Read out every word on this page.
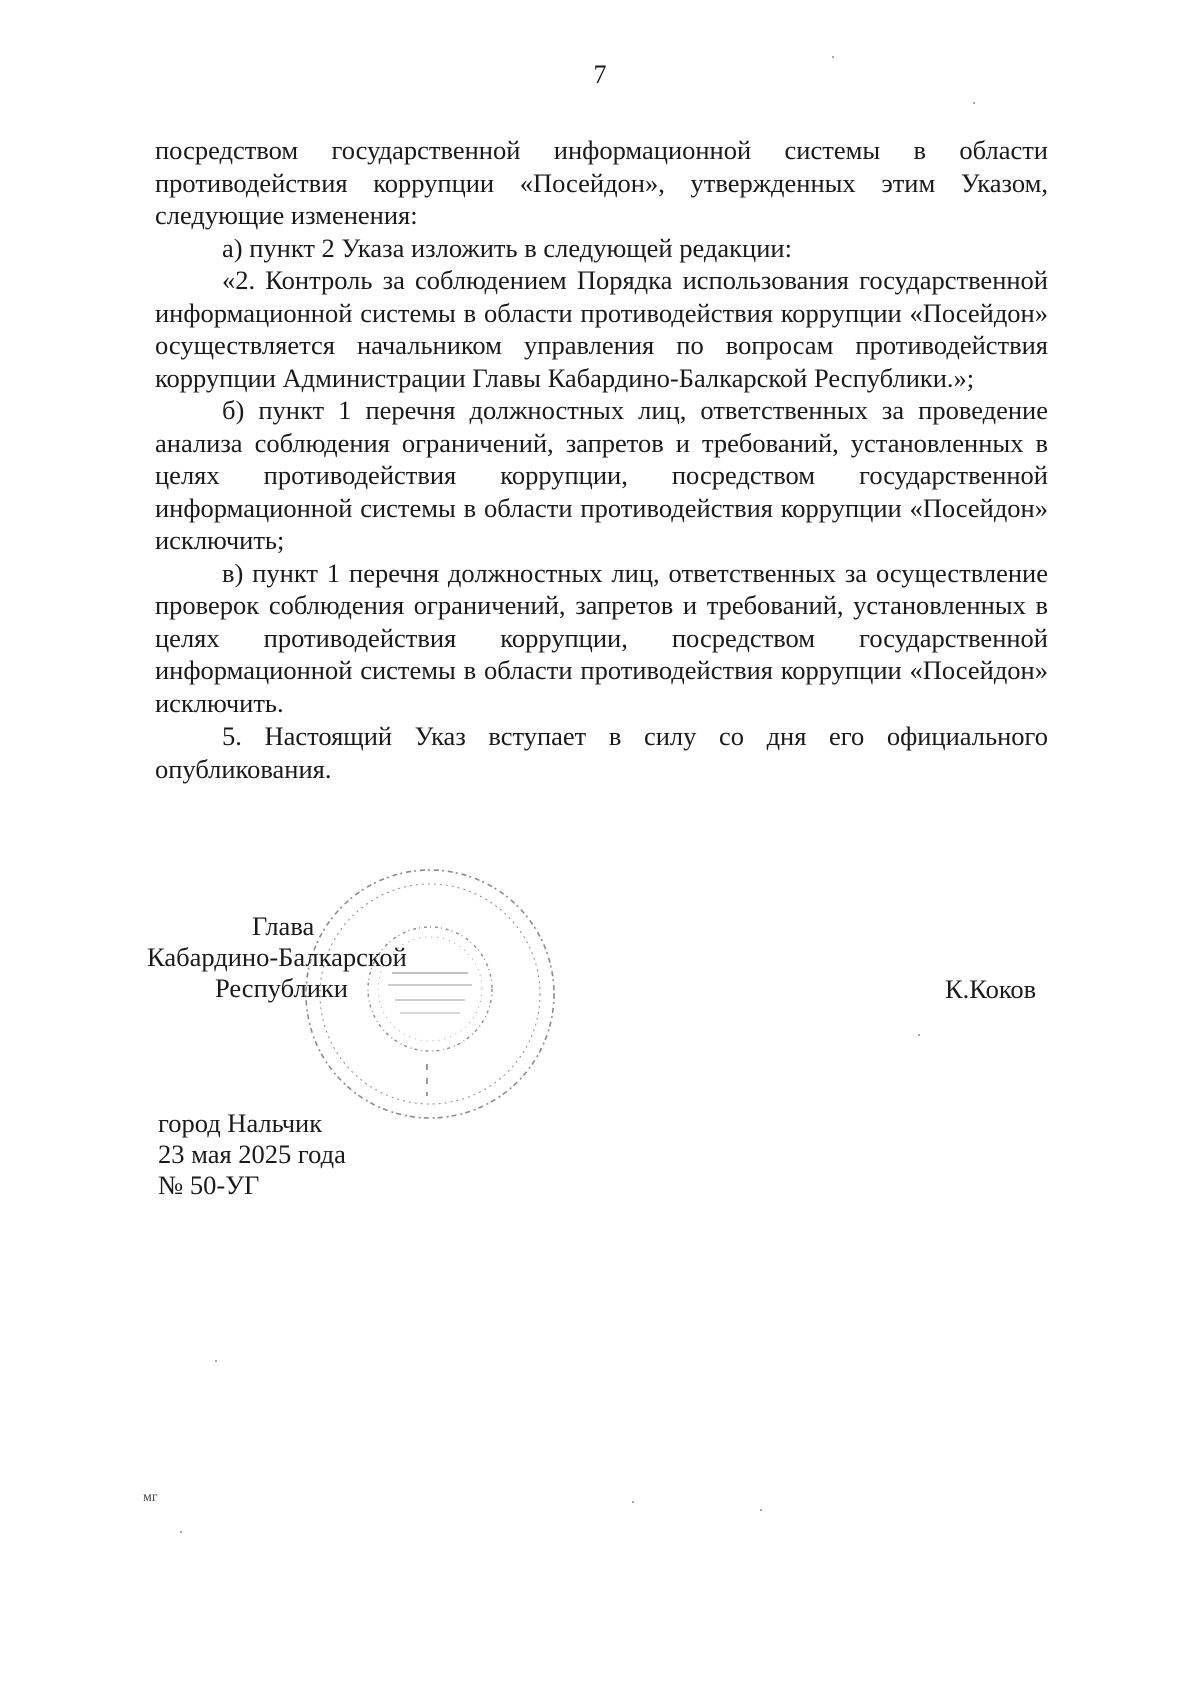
7

посредством государственной информационной системы в области противодействия коррупции «Посейдон», утвержденных этим Указом, следующие изменения:

а) пункт 2 Указа изложить в следующей редакции:

«2. Контроль за соблюдением Порядка использования государственной информационной системы в области противодействия коррупции «Посейдон» осуществляется начальником управления по вопросам противодействия коррупции Администрации Главы Кабардино-Балкарской Республики.»;

б) пункт 1 перечня должностных лиц, ответственных за проведение анализа соблюдения ограничений, запретов и требований, установленных в целях противодействия коррупции, посредством государственной информационной системы в области противодействия коррупции «Посейдон» исключить;

в) пункт 1 перечня должностных лиц, ответственных за осуществление проверок соблюдения ограничений, запретов и требований, установленных в целях противодействия коррупции, посредством государственной информационной системы в области противодействия коррупции «Посейдон» исключить.

5. Настоящий Указ вступает в силу со дня его официального опубликования.

Глава
Кабардино-Балкарской
Республики	К.Коков
город Нальчик
23 мая 2025 года
№ 50-УГ
мг
